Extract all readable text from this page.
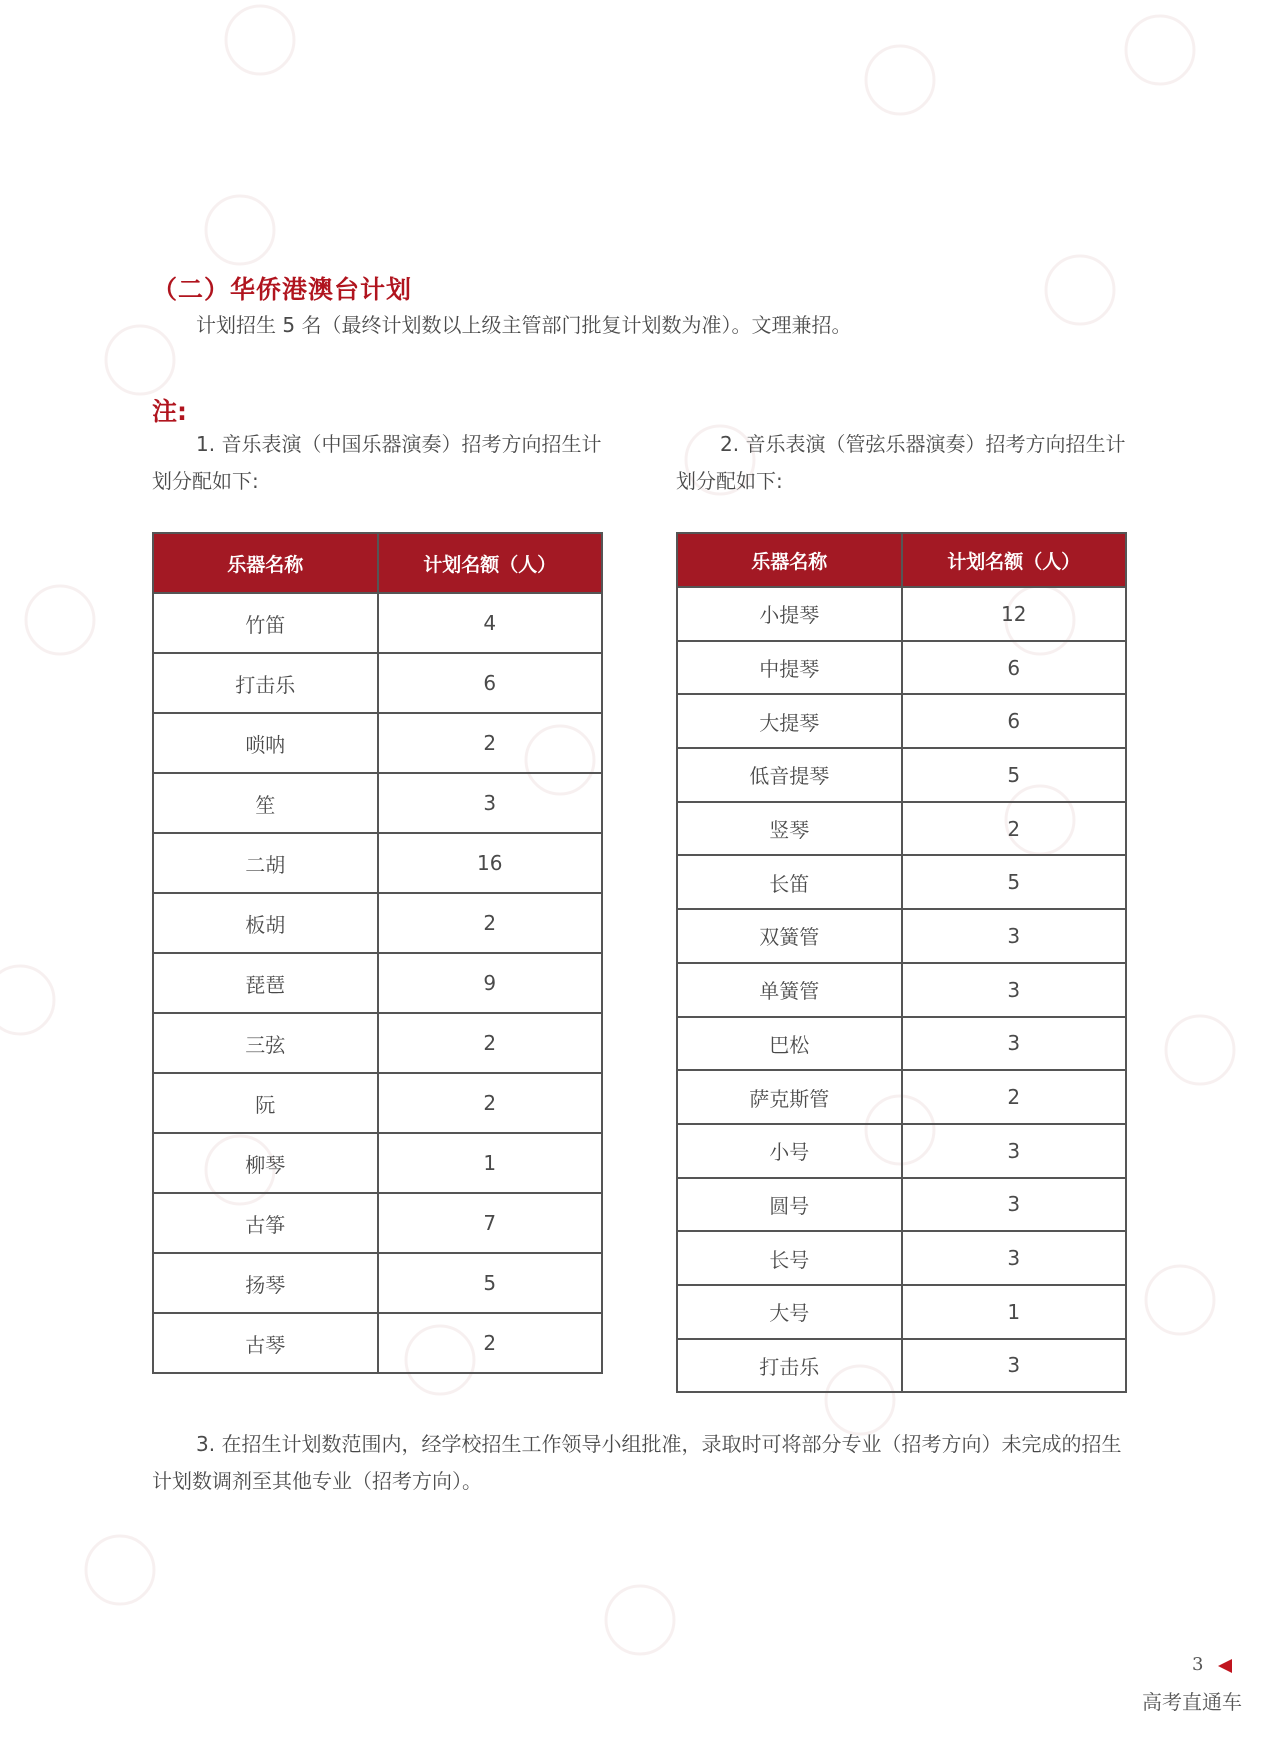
（二）华侨港澳台计划
计划招生 5 名（最终计划数以上级主管部门批复计划数为准）。文理兼招。
注:
1. 音乐表演（中国乐器演奏）招考方向招生计划分配如下:
2. 音乐表演（管弦乐器演奏）招考方向招生计划分配如下:
乐器名称	计划名额（人）
竹笛	4
打击乐	6
唢呐	2
笙	3
二胡	16
板胡	2
琵琶	9
三弦	2
阮	2
柳琴	1
古筝	7
扬琴	5
古琴	2
乐器名称	计划名额（人）
小提琴	12
中提琴	6
大提琴	6
低音提琴	5
竖琴	2
长笛	5
双簧管	3
单簧管	3
巴松	3
萨克斯管	2
小号	3
圆号	3
长号	3
大号	1
打击乐	3
3. 在招生计划数范围内，经学校招生工作领导小组批准，录取时可将部分专业（招考方向）未完成的招生计划数调剂至其他专业（招考方向）。
3
高考直通车
